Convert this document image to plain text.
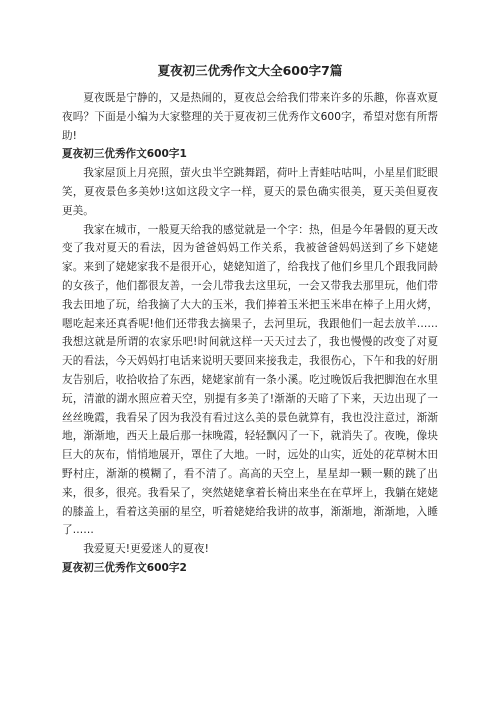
夏夜初三优秀作文大全600字7篇

夏夜既是宁静的，又是热闹的，夏夜总会给我们带来许多的乐趣，你喜欢夏夜吗？下面是小编为大家整理的关于夏夜初三优秀作文600字，希望对您有所帮助!

夏夜初三优秀作文600字1

我家屋顶上月亮照，萤火虫半空跳舞蹈，荷叶上青蛙咕咕叫，小星星们眨眼笑，夏夜景色多美妙!这如这段文字一样，夏天的景色确实很美，夏天美但夏夜更美。

我家在城市，一般夏天给我的感觉就是一个字：热，但是今年暑假的夏天改变了我对夏天的看法，因为爸爸妈妈工作关系，我被爸爸妈妈送到了乡下姥姥家。来到了姥姥家我不是很开心，姥姥知道了，给我找了他们乡里几个跟我同龄的女孩子，他们都很友善，一会儿带我去这里玩，一会又带我去那里玩，他们带我去田地了玩，给我摘了大大的玉米，我们捧着玉米把玉米串在棒子上用火烤，嗯吃起来还真香呢!他们还带我去摘果子，去河里玩，我跟他们一起去放羊……我想这就是所谓的农家乐吧!时间就这样一天天过去了，我也慢慢的改变了对夏天的看法，今天妈妈打电话来说明天要回来接我走，我很伤心，下午和我的好朋友告别后，收拾收拾了东西，姥姥家前有一条小溪。吃过晚饭后我把脚泡在水里玩，清澈的湖水照应着天空，别提有多美了!渐渐的天暗了下来，天边出现了一丝丝晚霞，我看呆了因为我没有看过这么美的景色就算有，我也没注意过，渐渐地，渐渐地，西天上最后那一抹晚霞，轻轻飘闪了一下，就消失了。夜晚，像块巨大的灰布，悄悄地展开，罩住了大地。一时，远处的山实，近处的花草树木田野村庄，渐渐的模糊了，看不清了。高高的天空上，星星却一颗一颗的跳了出来，很多，很亮。我看呆了，突然姥姥拿着长椅出来坐在在草坪上，我躺在姥姥的膝盖上，看着这美丽的星空，听着姥姥给我讲的故事，渐渐地，渐渐地，入睡了……

我爱夏天!更爱迷人的夏夜!

夏夜初三优秀作文600字2
